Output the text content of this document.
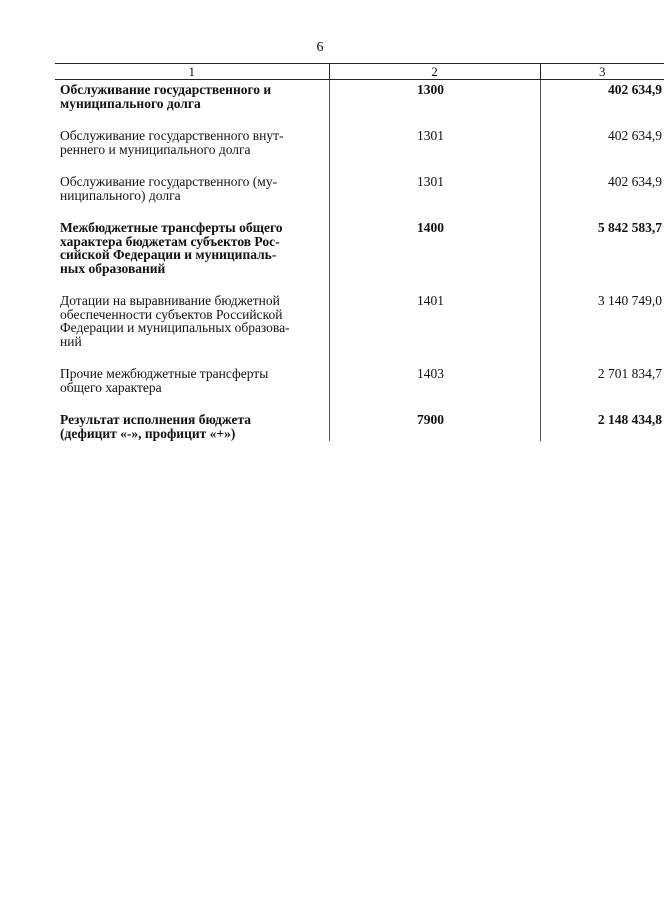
6
1	2	3
Обслуживание государственного и
муниципального долга	1300	402 634,9
Обслуживание государственного внут-
реннего и муниципального долга	1301	402 634,9
Обслуживание государственного (му-
ниципального) долга	1301	402 634,9
Межбюджетные трансферты общего
характера бюджетам субъектов Рос-
сийской Федерации и муниципаль-
ных образований	1400	5 842 583,7
Дотации на выравнивание бюджетной
обеспеченности субъектов Российской
Федерации и муниципальных образова-
ний	1401	3 140 749,0
Прочие межбюджетные трансферты
общего характера	1403	2 701 834,7
Результат исполнения бюджета
(дефицит «-», профицит «+»)	7900	2 148 434,8
